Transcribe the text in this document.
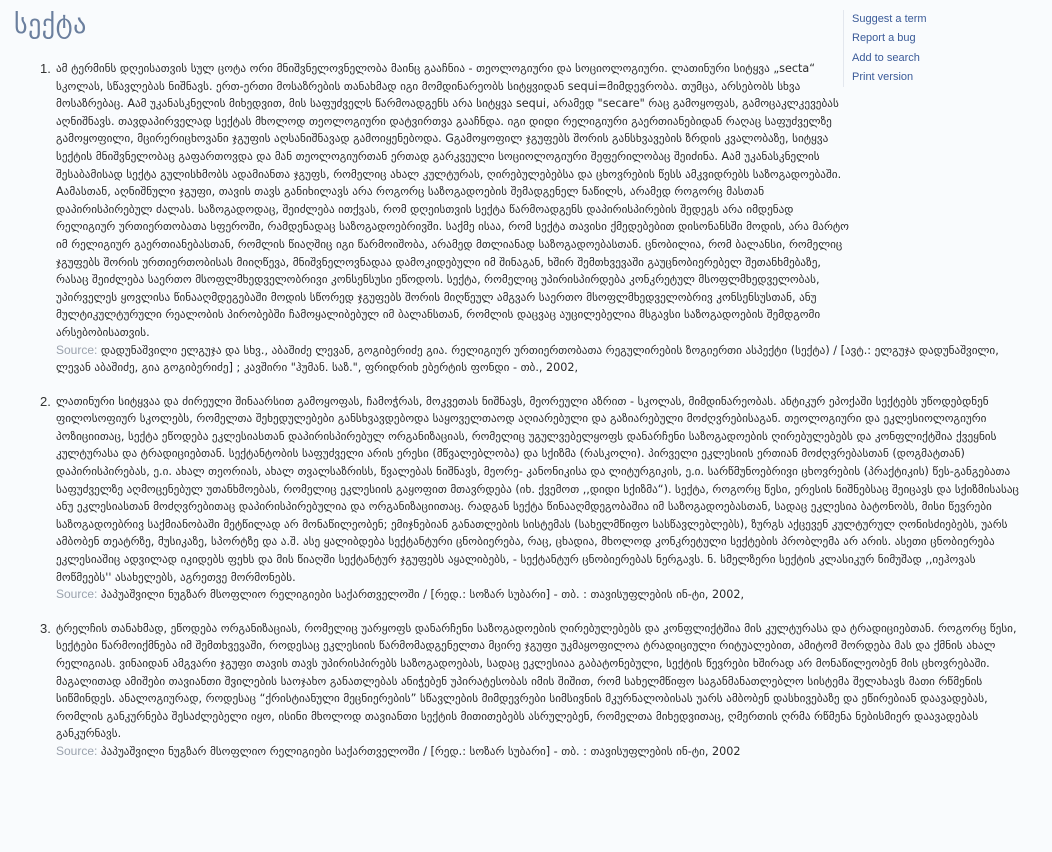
სექტა	Suggest a term
Report a bug
Add to search
Print version
1. ამ ტერმინს დღეისათვის სულ ცოტა ორი მნიშვნელოვნელობა მაინც გააჩნია - თეოლოგიური და სოციოლოგიური. ლათინური სიტყვა „secta“ სკოლას, სწავლებას ნიშნავს. ერთ-ერთი მოსაზრების თანახმად იგი მომდინარეობს სიტყვიდან sequi=მიმდევრობა. თუმცა, არსებობს სხვა მოსაზრებაც. Aამ უკანასკნელის მიხედვით, მის საფუძველს წარმოადგენს არა სიტყვა sequi, არამედ "secare" რაც გამოყოფას, გამოცაკლკევებას აღნიშნავს. თავდაპირველად სექტას მხოლოდ თეოლოგიური დატვირთვა გააჩნდა. იგი დიდი რელიგიური გაერთიანებიდან რაღაც საფუძველზე გამოყოფილი, მცირერიცხოვანი ჯგუფის აღსანიშნავად გამოიყენებოდა. Gგამოყოფილ ჯგუფებს შორის განსხვავების ზრდის კვალობაზე, სიტყვა სექტის მნიშვნელობაც გაფართოვდა და მან თეოლოგიურთან ერთად გარკვეული სოციოლოგიური შეფერილობაც შეიძინა. Aამ უკანასკნელის შესაბამისად სექტა გულისხმობს ადამიანთა ჯგუფს, რომელიც ახალ კულტურას, ღირებულებებსა და ცხოვრების წესს ამკვიდრებს საზოგადოებაში. Aამასთან, აღნიშნული ჯგუფი, თავის თავს განიხილავს არა როგორც საზოგადოების შემადგენელ ნაწილს, არამედ როგორც მასთან დაპირისპირებულ ძალას. საზოგადოდაც, შეიძლება ითქვას, რომ დღეისთვის სექტა წარმოადგენს დაპირისპირების შედეგს არა იმდენად რელიგიურ ურთიერთობათა სფეროში, რამდენადაც საზოგადოებრივში. საქმე ისაა, რომ სექტა თავისი ქმედებებით დისონანსში მოდის, არა მარტო იმ რელიგიურ გაერთიანებასთან, რომლის წიაღშიც იგი წარმოიშობა, არამედ მთლიანად საზოგადოებასთან. ცნობილია, რომ ბალანსი, რომელიც ჯგუფებს შორის ურთიერთობისას მიიღწევა, მნიშვნელოვნადაა დამოკიდებული იმ შინაგან, ხშირ შემთხვევაში გაუცნობიერებელ შეთანხმებაზე, რასაც შეიძლება საერთო მსოფლმხედველობრივი კონსენსუსი ეწოდოს. სექტა, რომელიც უპირისპირდება კონკრეტულ მსოფლმხედველობას, უპირველეს ყოვლისა წინააღმდეგებაში მოდის სწორედ ჯგუფებს შორის მიღწეულ ამგვარ საერთო მსოფლმხედველობრივ კონსენსუსთან, ანუ მულტიკულტურული რეალობის პირობებში ჩამოყალიბებულ იმ ბალანსთან, რომლის დაცვაც აუცილებელია მსგავსი საზოგადოების შემდგომი არსებობისათვის.

Source: დადუნაშვილი ელგუჯა და სხვ., აბაშიძე ლევან, გოგიბერიძე გია. რელიგიურ ურთიერთობათა რეგულირების ზოგიერთი ასპექტი (სექტა) / [ავტ.: ელგუჯა დადუნაშვილი, ლევან აბაშიძე, გია გოგიბერიძე] ; კავშირი "ჰუმან. საზ.", ფრიდრიხ ებერტის ფონდი - თბ., 2002,

2. ლათინური სიტყვაა და ძირეული შინაარსით გამოყოფას, ჩამოჭრას, მოკვეთას ნიშნავს, მეორეული აზრით - სკოლას, მიმდინარეობას. ანტიკურ ეპოქაში სექტებს უწოდებდნენ ფილოსოფიურ სკოლებს, რომელთა შეხედულებები განსხვავდებოდა საყოველთაოდ აღიარებული და გაზიარებული მოძღვრებისაგან. თეოლოგიური და ეკლესიოლოგიური პოზიციითაც, სექტა ეწოდება ეკლესიასთან დაპირისპირებულ ორგანიზაციას, რომელიც უგულვებელყოფს დანარჩენი საზოგადოების ღირებულებებს და კონფლიქტშია ქვეყნის კულტურასა და ტრადიციებთან. სექტანტობის საფუძველი არის ერესი (მწვალებლობა) და სქიზმა (რასკოლი). პირველი ეკლესიის ერთიან მოძღვრებასთან (დოგმატთან) დაპირისპირებას, ე.ი. ახალ თეორიას, ახალ თვალსაზრისს, წვალებას ნიშნავს, მეორე- კანონიკისა და ლიტურგიკის, ე.ი. სარწმუნოებრივი ცხოვრების (პრაქტიკის) წეს-განგებათა საფუძველზე აღმოცენებულ უთანხმოებას, რომელიც ეკლესიის გაყოფით მთავრდება (იხ. ქვემოთ ,,დიდი სქიზმა“). სექტა, როგორც წესი, ერესის ნიშნებსაც შეიცავს და სქიზმისასაც ანუ ეკლესიასთან მოძღვრებითაც დაპირისპირებულია და ორგანიზაციითაც. რადგან სექტა წინააღმდეგობაშია იმ საზოგადოებასთან, სადაც ეკლესია ბატონობს, მისი წევრები საზოგადოებრივ საქმიანობაში მეტწილად არ მონაწილეობენ; ემიჯნებიან განათლების სისტემას (სახელმწიფო სასწავლებლებს), ზურგს აქცევენ კულტურულ ღონისძიებებს, უარს ამბობენ თეატრზე, მუსიკაზე, სპორტზე და ა.შ. ასე ყალიბდება სექტანტური ცნობიერება, რაც, ცხადია, მხოლოდ კონკრეტული სექტების პრობლემა არ არის. ასეთი ცნობიერება ეკლესიაშიც ადვილად იკიდებს ფეხს და მის წიაღში სექტანტურ ჯგუფებს აყალიბებს, - სექტანტურ ცნობიერებას ნერგავს. ნ. სმელზერი სექტის კლასიკურ ნიმუშად ,,იეჰოვას მოწმეებს'' ასახელებს, აგრეთვე მორმონებს.

Source: პაპუაშვილი ნუგზარ მსოფლიო რელიგიები საქართველოში / [რედ.: სოზარ სუბარი] - თბ. : თავისუფლების ინ-ტი, 2002,

3. ტრელჩის თანახმად, ეწოდება ორგანიზაციას, რომელიც უარყოფს დანარჩენი საზოგადოების ღირებულებებს და კონფლიქტშია მის კულტურასა და ტრადიციებთან. როგორც წესი, სექტები წარმოიქმნება იმ შემთხვევაში, როდესაც ეკლესიის წარმომადგენელთა მცირე ჯგუფი უკმაყოფილოა ტრადიციული რიტუალებით, ამიტომ შორდება მას და ქმნის ახალ რელიგიას. ვინაიდან ამგვარი ჯგუფი თავის თავს უპირისპირებს საზოგადოებას, სადაც ეკლესიაა გაბატონებული, სექტის წევრები ხშირად არ მონაწილეობენ მის ცხოვრებაში. მაგალითად ამიშები თავიანთი შვილების საოჯახო განათლებას ანიჭებენ უპირატესობას იმის შიშით, რომ სახელმწიფო საგანმანათლებლო სისტემა შელახავს მათი რწმენის სიწმინდეს. ანალოგიურად, როდესაც “ქრისტიანული მეცნიერების” სწავლების მიმდევრები სიმსივნის მკურნალობისას უარს ამბობენ დასხივებაზე და ეწირებიან დაავადებას, რომლის განკურნება შესაძლებელი იყო, ისინი მხოლოდ თავიანთი სექტის მითითებებს ასრულებენ, რომელთა მიხედვითაც, ღმერთის ღრმა რწმენა ნებისმიერ დაავადებას განკურნავს.

Source: პაპუაშვილი ნუგზარ მსოფლიო რელიგიები საქართველოში / [რედ.: სოზარ სუბარი] - თბ. : თავისუფლების ინ-ტი, 2002
